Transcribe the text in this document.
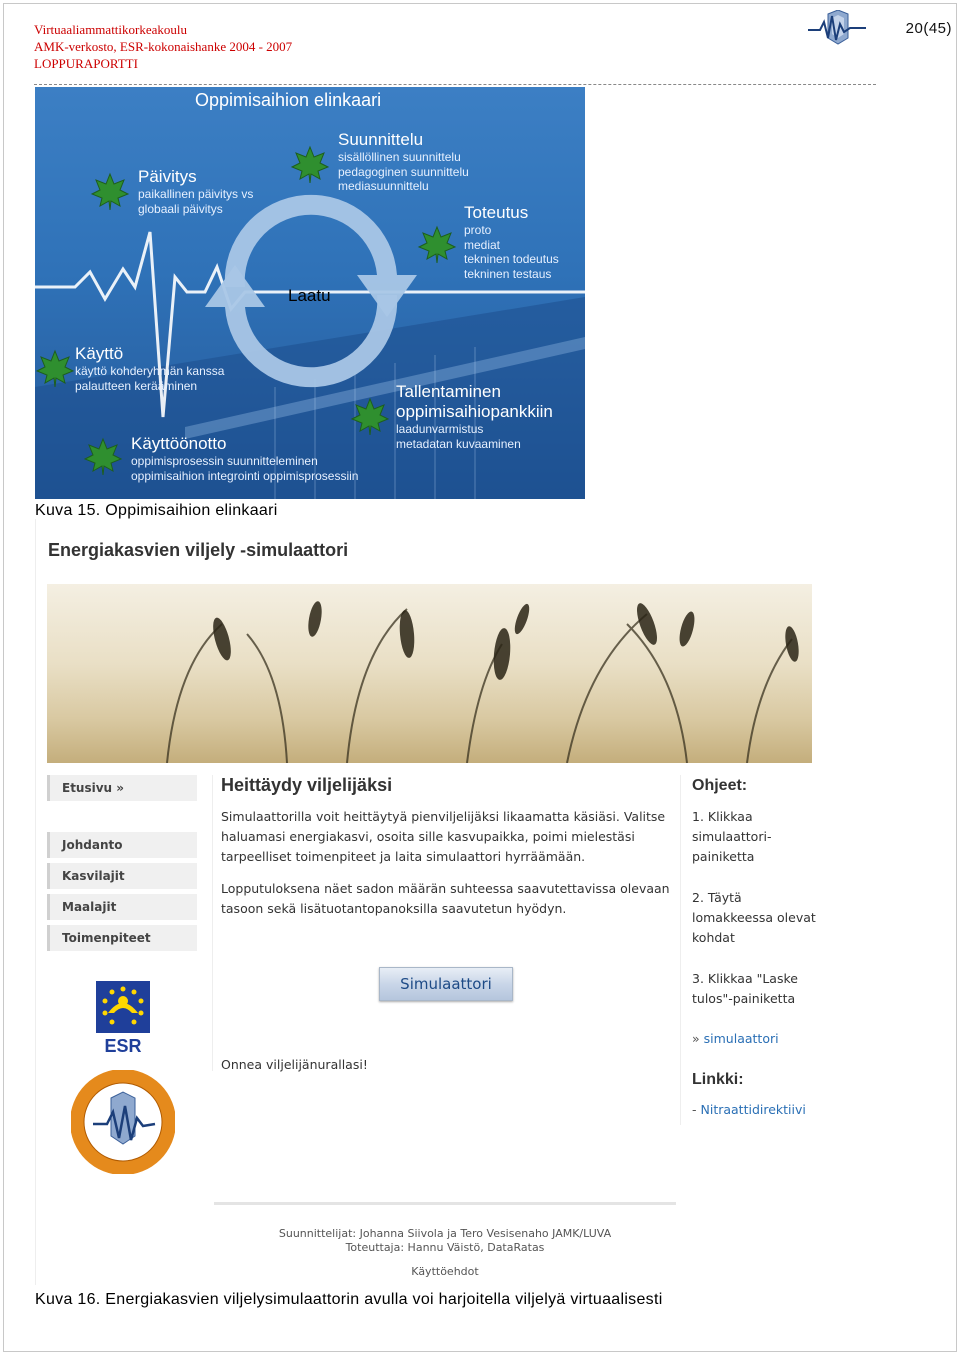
Virtuaaliammattikorkeakoulu
AMK-verkosto, ESR-kokonaishanke 2004 - 2007
LOPPURAPORTTI
20(45)
Oppimisaihion elinkaari
Laatu
Suunnittelu
sisällöllinen suunnittelu
pedagoginen suunnittelu
mediasuunnittelu
Päivitys
paikallinen päivitys vs
globaali päivitys	Toteutus
proto
mediat
tekninen todeutus
tekninen testaus
Käyttö
käyttö kohderyhmän kanssa
palautteen kerääminen	Tallentaminen
oppimisaihiopankkiin
laadunvarmistus
metadatan kuvaaminen
Käyttöönotto
oppimisprosessin suunnitteleminen
oppimisaihion integrointi oppimisprosessiin
Kuva 15. Oppimisaihion elinkaari
Energiakasvien viljely -simulaattori
Etusivu »
Johdanto
Kasvilajit
Maalajit
Toimenpiteet
Heittäydy viljelijäksi

Simulaattorilla voit heittäytyä pienviljelijäksi likaamatta käsiäsi. Valitse haluamasi energiakasvi, osoita sille kasvupaikka, poimi mielestäsi tarpeelliset toimenpiteet ja laita simulaattori hyrräämään.

Lopputuloksena näet sadon määrän suhteessa saavutettavissa olevaan tasoon sekä lisätuotantopanoksilla saavutetun hyödyn.

Simulaattori
Onnea viljelijänurallasi!
Ohjeet:
1. Klikkaa simulaattori-painiketta
2. Täytä lomakkeessa olevat kohdat
3. Klikkaa "Laske tulos"-painiketta
» simulaattori
Linkki:
- Nitraattidirektiivi
ESR
Suunnittelijat: Johanna Siivola ja Tero Vesisenaho JAMK/LUVA
Toteuttaja: Hannu Väistö, DataRatas
Käyttöehdot
Kuva 16. Energiakasvien viljelysimulaattorin avulla voi harjoitella viljelyä virtuaalisesti
